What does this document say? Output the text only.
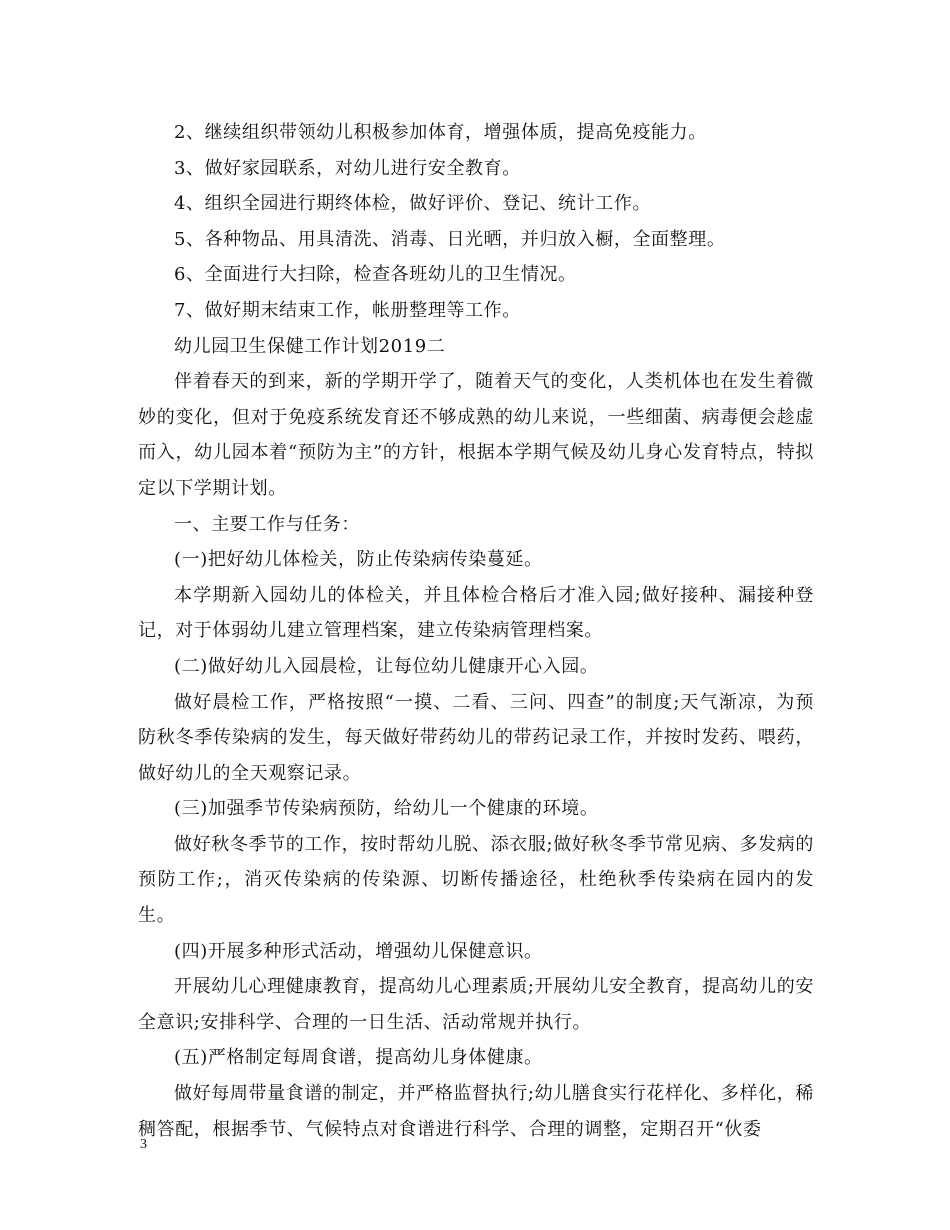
2、继续组织带领幼儿积极参加体育，增强体质，提高免疫能力。

3、做好家园联系，对幼儿进行安全教育。

4、组织全园进行期终体检，做好评价、登记、统计工作。

5、各种物品、用具清洗、消毒、日光晒，并归放入橱，全面整理。

6、全面进行大扫除，检查各班幼儿的卫生情况。

7、做好期末结束工作，帐册整理等工作。

幼儿园卫生保健工作计划2019二

伴着春天的到来，新的学期开学了，随着天气的变化，人类机体也在发生着微妙的变化，但对于免疫系统发育还不够成熟的幼儿来说，一些细菌、病毒便会趁虚而入，幼儿园本着“预防为主”的方针，根据本学期气候及幼儿身心发育特点，特拟定以下学期计划。

一、主要工作与任务：

(一)把好幼儿体检关，防止传染病传染蔓延。

本学期新入园幼儿的体检关，并且体检合格后才准入园;做好接种、漏接种登记，对于体弱幼儿建立管理档案，建立传染病管理档案。

(二)做好幼儿入园晨检，让每位幼儿健康开心入园。

做好晨检工作，严格按照“一摸、二看、三问、四查”的制度;天气渐凉，为预防秋冬季传染病的发生，每天做好带药幼儿的带药记录工作，并按时发药、喂药，做好幼儿的全天观察记录。

(三)加强季节传染病预防，给幼儿一个健康的环境。

做好秋冬季节的工作，按时帮幼儿脱、添衣服;做好秋冬季节常见病、多发病的预防工作;，消灭传染病的传染源、切断传播途径，杜绝秋季传染病在园内的发生。

(四)开展多种形式活动，增强幼儿保健意识。

开展幼儿心理健康教育，提高幼儿心理素质;开展幼儿安全教育，提高幼儿的安全意识;安排科学、合理的一日生活、活动常规并执行。

(五)严格制定每周食谱，提高幼儿身体健康。

做好每周带量食谱的制定，并严格监督执行;幼儿膳食实行花样化、多样化，稀稠答配，根据季节、气候特点对食谱进行科学、合理的调整，定期召开“伙委

3
